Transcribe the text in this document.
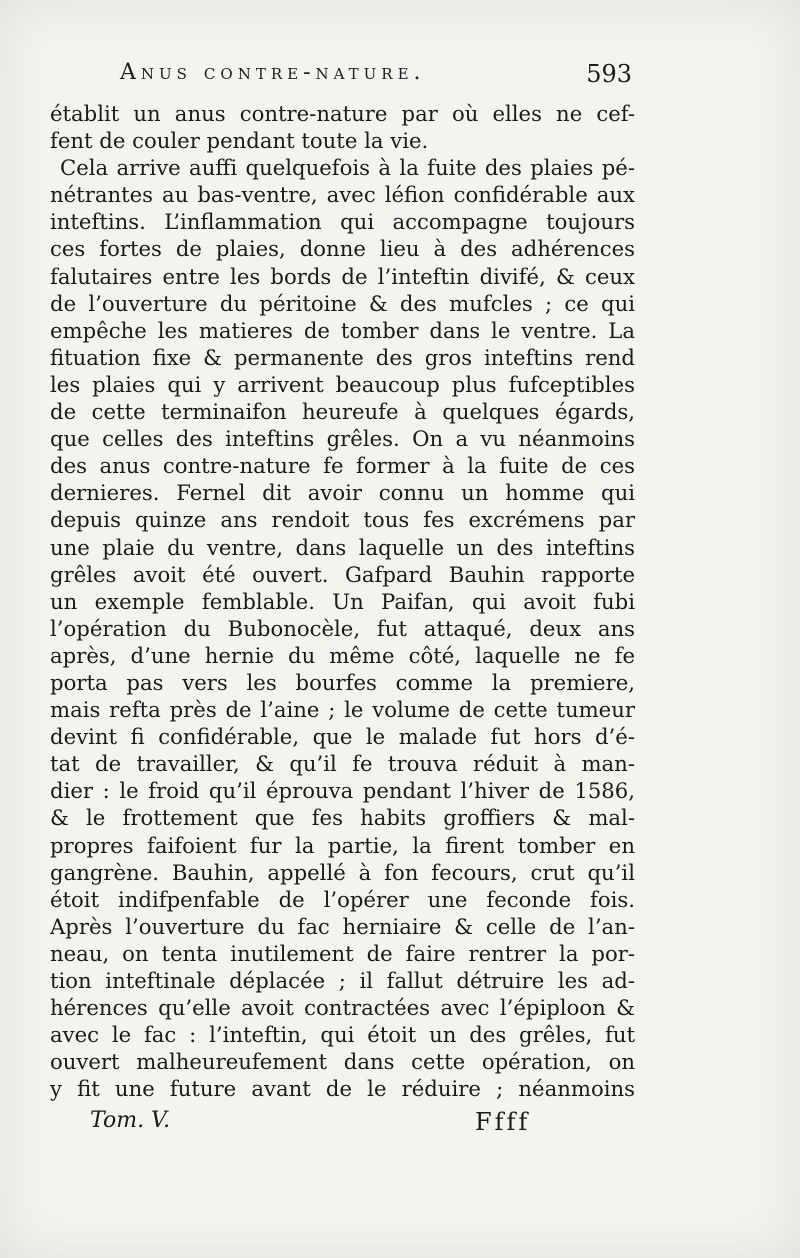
Anus contre-nature.	593
établit un anus contre-nature par où elles ne cef-
fent de couler pendant toute la vie.
Cela arrive auffi quelquefois à la fuite des plaies pé-
nétrantes au bas-ventre, avec léfion confidérable aux
inteftins. L’inflammation qui accompagne toujours
ces fortes de plaies, donne lieu à des adhérences
falutaires entre les bords de l’inteftin divifé, & ceux
de l’ouverture du péritoine & des mufcles ; ce qui
empêche les matieres de tomber dans le ventre. La
fituation fixe & permanente des gros inteftins rend
les plaies qui y arrivent beaucoup plus fufceptibles
de cette terminaifon heureufe à quelques égards,
que celles des inteftins grêles. On a vu néanmoins
des anus contre-nature fe former à la fuite de ces
dernieres. Fernel dit avoir connu un homme qui
depuis quinze ans rendoit tous fes excrémens par
une plaie du ventre, dans laquelle un des inteftins
grêles avoit été ouvert. Gafpard Bauhin rapporte
un exemple femblable. Un Paifan, qui avoit fubi
l’opération du Bubonocèle, fut attaqué, deux ans
après, d’une hernie du même côté, laquelle ne fe
porta pas vers les bourfes comme la premiere,
mais refta près de l’aine ; le volume de cette tumeur
devint fi confidérable, que le malade fut hors d’é-
tat de travailler, & qu’il fe trouva réduit à man-
dier : le froid qu’il éprouva pendant l’hiver de 1586,
& le frottement que fes habits groffiers & mal-
propres faifoient fur la partie, la firent tomber en
gangrène. Bauhin, appellé à fon fecours, crut qu’il
étoit indifpenfable de l’opérer une feconde fois.
Après l’ouverture du fac herniaire & celle de l’an-
neau, on tenta inutilement de faire rentrer la por-
tion inteftinale déplacée ; il fallut détruire les ad-
hérences qu’elle avoit contractées avec l’épiploon &
avec le fac : l’inteftin, qui étoit un des grêles, fut
ouvert malheureufement dans cette opération, on
y fit une future avant de le réduire ; néanmoins
Tom. V.	Ffff
